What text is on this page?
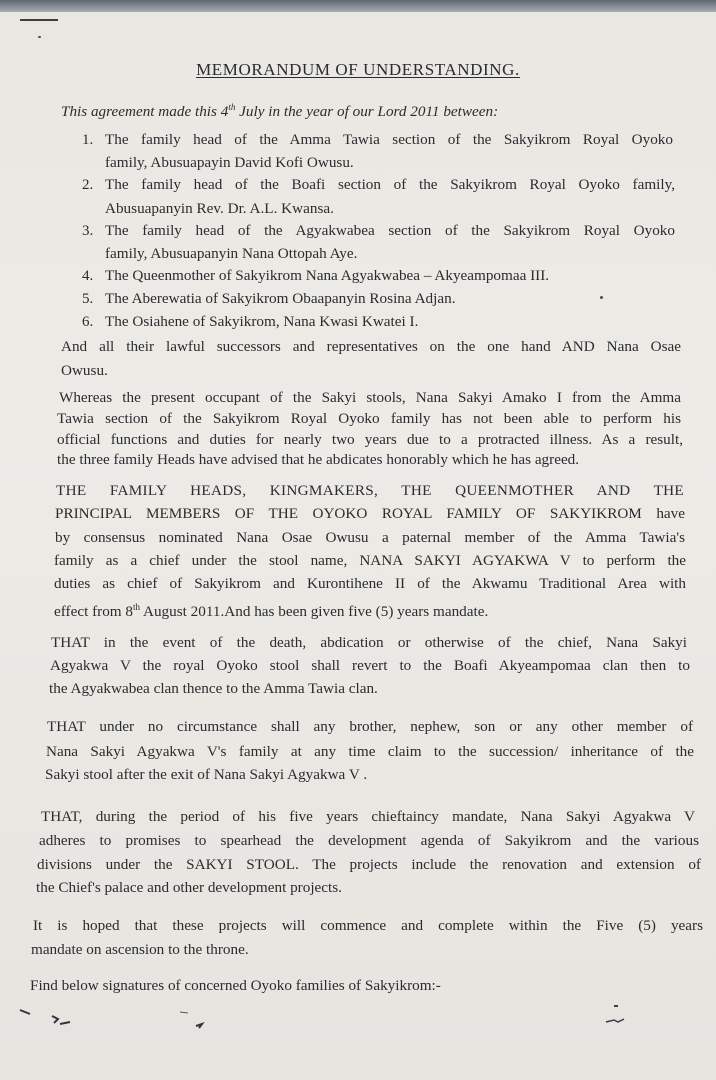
MEMORANDUM OF UNDERSTANDING.
This agreement made this 4th July in the year of our Lord 2011 between:
1. The family head of the Amma Tawia section of the Sakyikrom Royal Oyoko
family, Abusuapayin David Kofi Owusu.
2. The family head of the Boafi section of the Sakyikrom Royal Oyoko family,
Abusuapanyin Rev. Dr. A.L. Kwansa.
3. The family head of the Agyakwabea section of the Sakyikrom Royal Oyoko
family, Abusuapanyin Nana Ottopah Aye.
4. The Queenmother of Sakyikrom Nana Agyakwabea – Akyeampomaa III.
5. The Aberewatia of Sakyikrom Obaapanyin Rosina Adjan.
6. The Osiahene of Sakyikrom, Nana Kwasi Kwatei I.
And all their lawful successors and representatives on the one hand AND Nana Osae
Owusu.
Whereas the present occupant of the Sakyi stools, Nana Sakyi Amako I from the Amma
Tawia section of the Sakyikrom Royal Oyoko family has not been able to perform his
official functions and duties for nearly two years due to a protracted illness. As a result,
the three family Heads have advised that he abdicates honorably which he has agreed.
THE FAMILY HEADS, KINGMAKERS, THE QUEENMOTHER AND THE
PRINCIPAL MEMBERS OF THE OYOKO ROYAL FAMILY OF SAKYIKROM have
by consensus nominated Nana Osae Owusu a paternal member of the Amma Tawia's
family as a chief under the stool name, NANA SAKYI AGYAKWA V to perform the
duties as chief of Sakyikrom and Kurontihene II of the Akwamu Traditional Area with
effect from 8th August 2011.And has been given five (5) years mandate.
THAT in the event of the death, abdication or otherwise of the chief, Nana Sakyi
Agyakwa V the royal Oyoko stool shall revert to the Boafi Akyeampomaa clan then to
the Agyakwabea clan thence to the Amma Tawia clan.
THAT under no circumstance shall any brother, nephew, son or any other member of
Nana Sakyi Agyakwa V's family at any time claim to the succession/ inheritance of the
Sakyi stool after the exit of Nana Sakyi Agyakwa V .
THAT, during the period of his five years chieftaincy mandate, Nana Sakyi Agyakwa V
adheres to promises to spearhead the development agenda of Sakyikrom and the various
divisions under the SAKYI STOOL. The projects include the renovation and extension of
the Chief's palace and other development projects.
It is hoped that these projects will commence and complete within the Five (5) years
mandate on ascension to the throne.
Find below signatures of concerned Oyoko families of Sakyikrom:-
